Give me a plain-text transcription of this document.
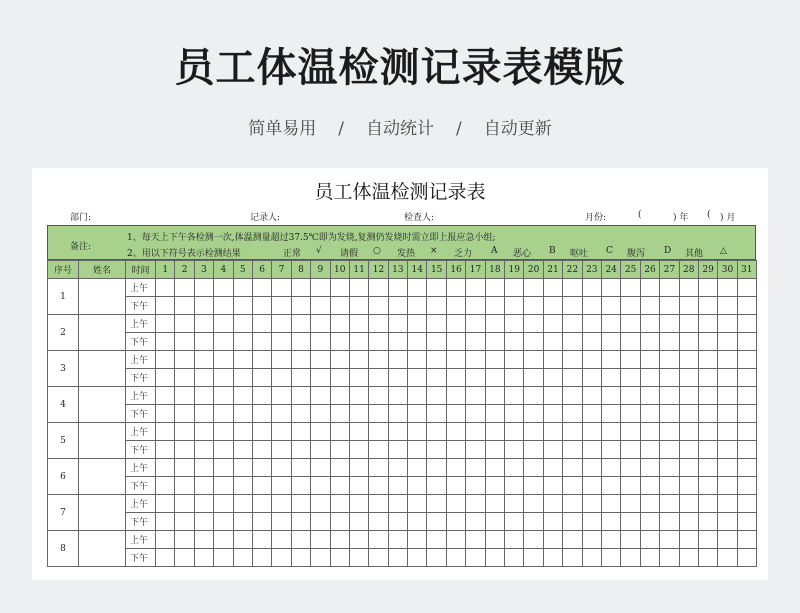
员工体温检测记录表模版
简单易用 / 自动统计 / 自动更新
员工体温检测记录表
部门:	记录人:	检查人:	月份:	(	) 年 ( ) 月
备注:
1、每天上下午各检测一次,体温测量超过37.5℃即为发烧,复测仍发烧时需立即上报应急小组;
2、用以下符号表示检测结果	正常 √ 请假 ○ 发热 × 乏力 A 恶心 B 呕吐 C 腹泻 D 其他 △
序号	姓名	时间	1	2	3	4	5	6	7	8	9	10	11	12	13	14	15	16	17	18	19	20	21	22	23	24	25	26	27	28	29	30	31
1		上午																															
		下午																															
2		上午																															
		下午																															
3		上午																															
		下午																															
4		上午																															
		下午																															
5		上午																															
		下午																															
6		上午																															
		下午																															
7		上午																															
		下午																															
8		上午																															
		下午																															
